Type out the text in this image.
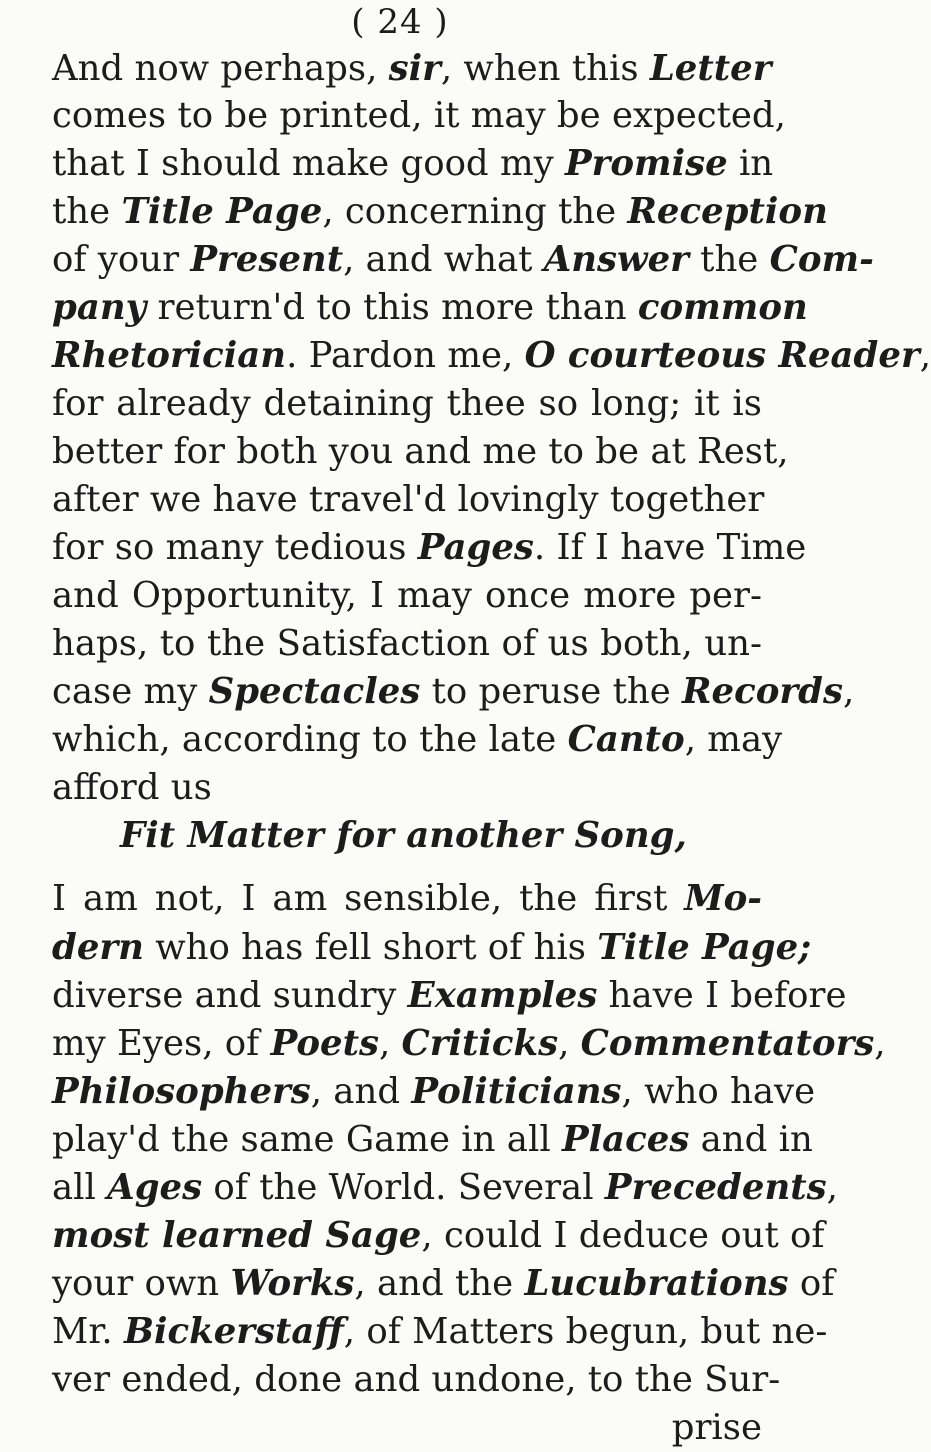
( 24 )
And now perhaps, sir, when this Letter
comes to be printed, it may be expected,
that I should make good my Promise in
the Title Page, concerning the Reception
of your Present, and what Answer the Com-
pany return'd to this more than common
Rhetorician. Pardon me, O courteous Reader,
for already detaining thee so long; it is
better for both you and me to be at Rest,
after we have travel'd lovingly together
for so many tedious Pages. If I have Time
and Opportunity, I may once more per-
haps, to the Satisfaction of us both, un-
case my Spectacles to peruse the Records,
which, according to the late Canto, may
afford us
Fit Matter for another Song,
I am not, I am sensible, the first Mo-
dern who has fell short of his Title Page;
diverse and sundry Examples have I before
my Eyes, of Poets, Criticks, Commentators,
Philosophers, and Politicians, who have
play'd the same Game in all Places and in
all Ages of the World. Several Precedents,
most learned Sage, could I deduce out of
your own Works, and the Lucubrations of
Mr. Bickerstaff, of Matters begun, but ne-
ver ended, done and undone, to the Sur-
prise
